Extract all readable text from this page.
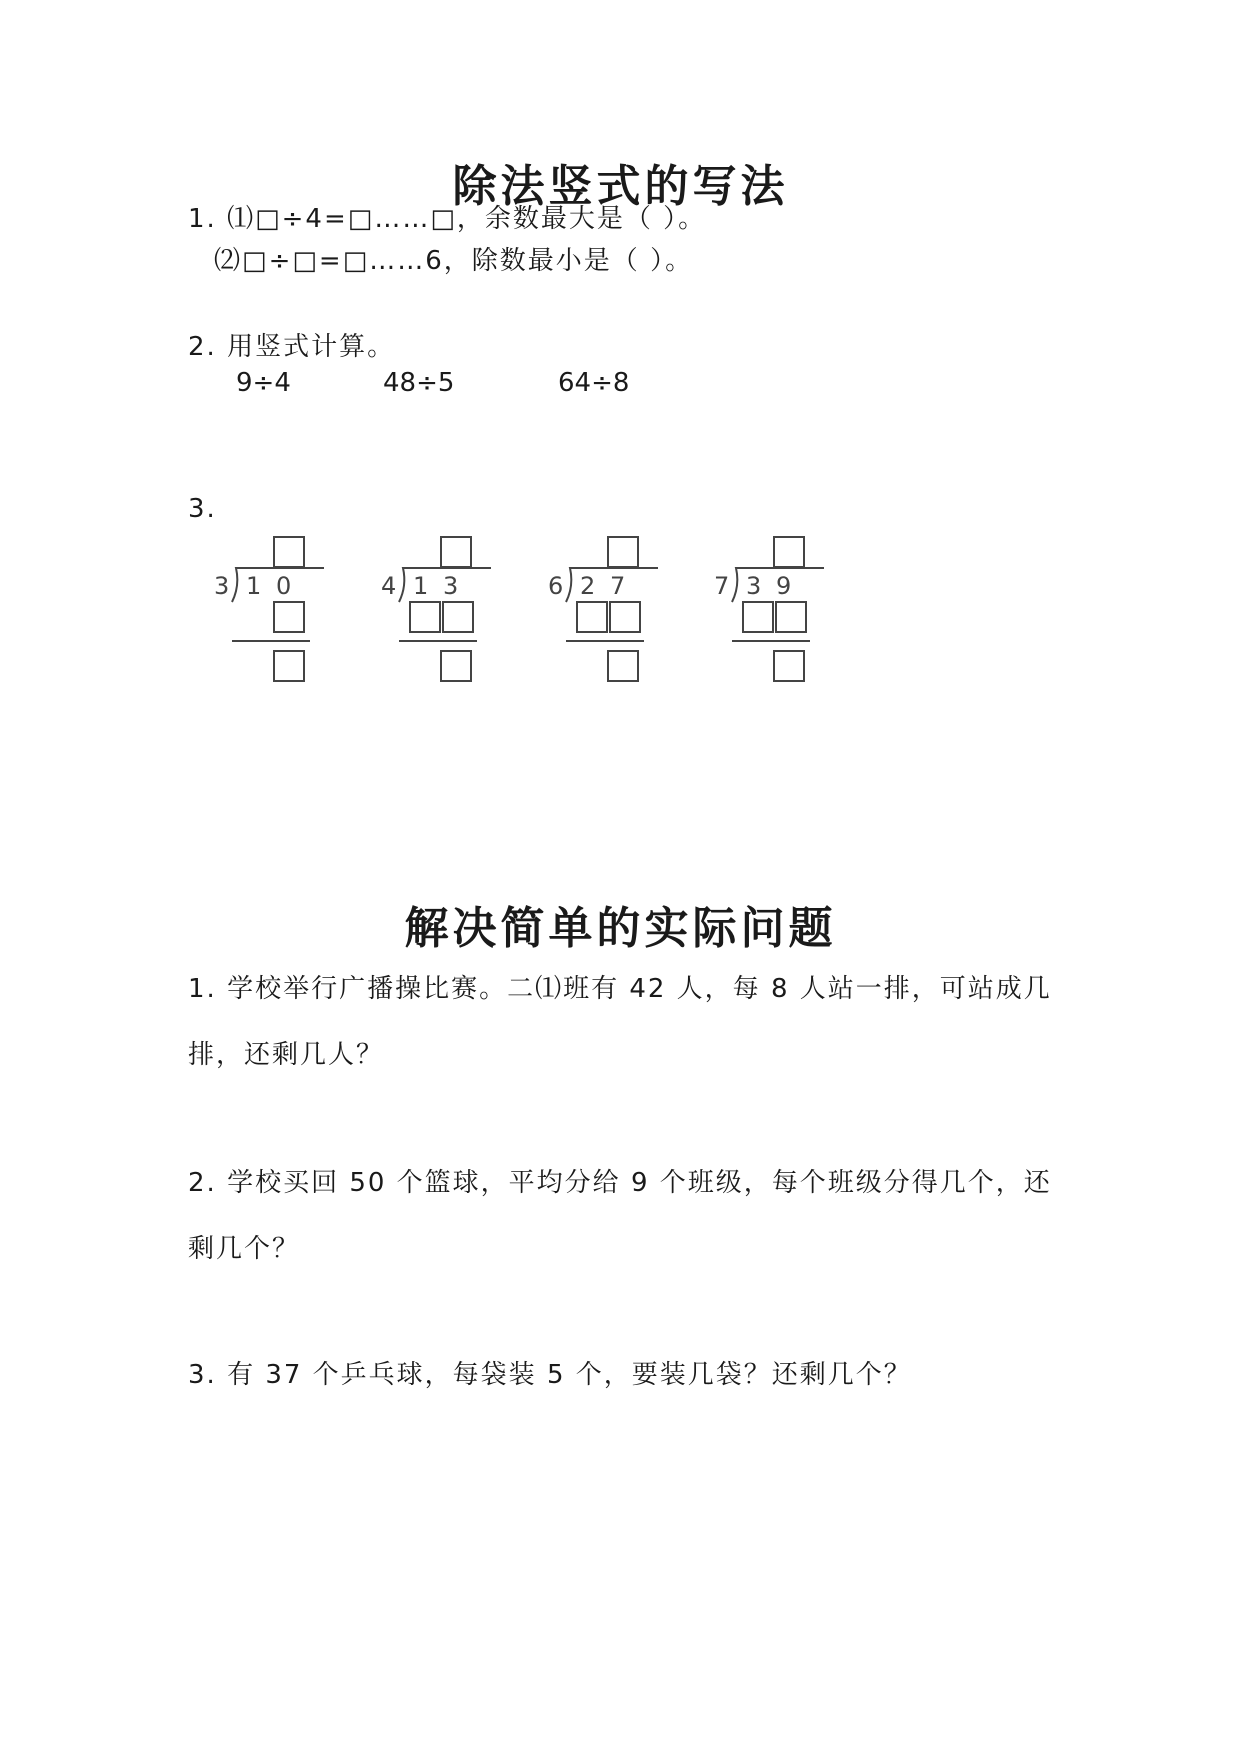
除法竖式的写法
1. ⑴□÷4=□……□，余数最大是（ ）。
⑵□÷□=□……6，除数最小是（ ）。
2. 用竖式计算。
9÷4	48÷5	64÷8
3.
3 1 0	4 1 3	6 2 7	7 3 9
解决简单的实际问题
1. 学校举行广播操比赛。二⑴班有 42 人，每 8 人站一排，可站成几
排，还剩几人？
2. 学校买回 50 个篮球，平均分给 9 个班级，每个班级分得几个，还
剩几个？
3. 有 37 个乒乓球，每袋装 5 个，要装几袋？还剩几个？
